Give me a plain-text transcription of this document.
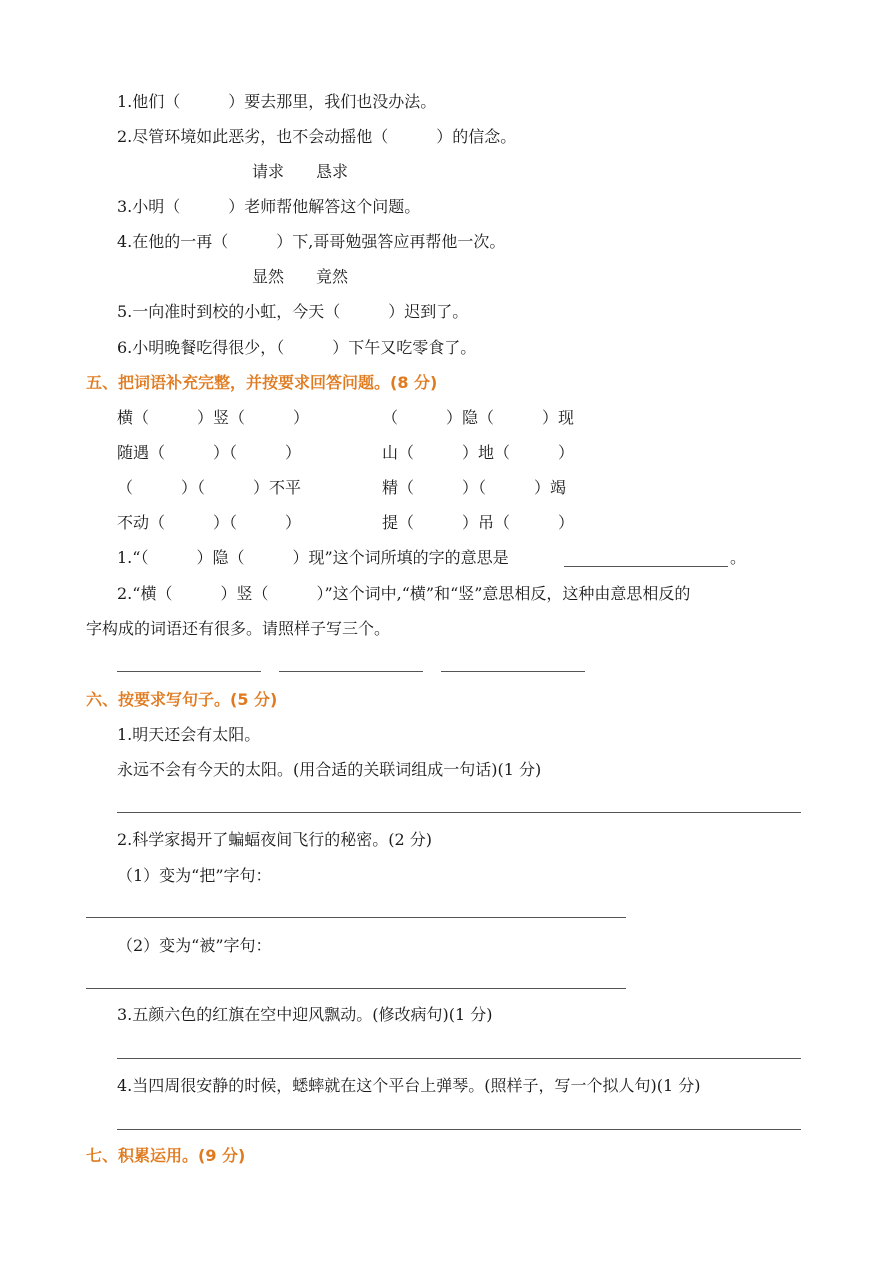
1.他们（　　　）要去那里，我们也没办法。
2.尽管环境如此恶劣，也不会动摇他（　　　）的信念。
请求　　恳求
3.小明（　　　）老师帮他解答这个问题。
4.在他的一再（　　　）下,哥哥勉强答应再帮他一次。
显然　　竟然
5.一向准时到校的小虹，今天（　　　）迟到了。
6.小明晚餐吃得很少，（　　　）下午又吃零食了。
五、把词语补充完整，并按要求回答问题。(8 分)
横（　　　）竖（　　　）	（　　　）隐（　　　）现
随遇（　　　）（　　　）	山（　　　）地（　　　）
（　　　）（　　　）不平	精（　　　）（　　　）竭
不动（　　　）（　　　）	提（　　　）吊（　　　）
1.“（　　　）隐（　　　）现”这个词所填的字的意思是	。
2.“横（　　　）竖（　　　）”这个词中,“横”和“竖”意思相反，这种由意思相反的
字构成的词语还有很多。请照样子写三个。
六、按要求写句子。(5 分)
1.明天还会有太阳。
永远不会有今天的太阳。(用合适的关联词组成一句话)(1 分)
2.科学家揭开了蝙蝠夜间飞行的秘密。(2 分)
（1）变为“把”字句：
（2）变为“被”字句：
3.五颜六色的红旗在空中迎风飘动。(修改病句)(1 分)
4.当四周很安静的时候，蟋蟀就在这个平台上弹琴。(照样子，写一个拟人句)(1 分)
七、积累运用。(9 分)
